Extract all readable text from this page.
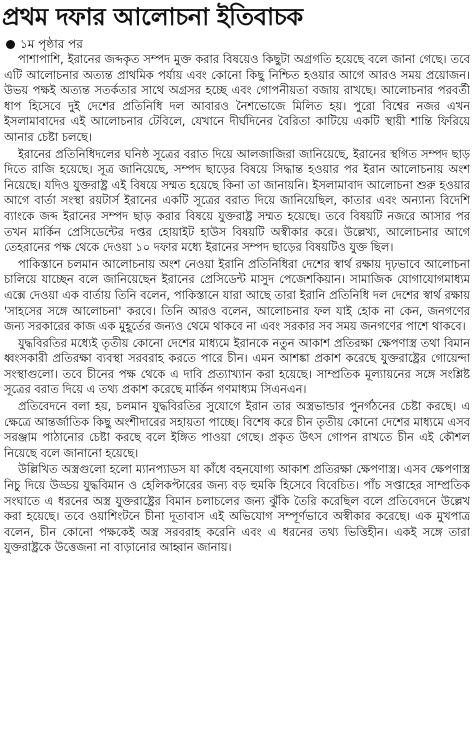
প্রথম দফার আলোচনা ইতিবাচক
১ম পৃষ্ঠার পর

পাশাপাশি, ইরানের জব্দকৃত সম্পদ মুক্ত করার বিষয়েও কিছুটা অগ্রগতি হয়েছে বলে জানা গেছে। তবে এটি আলোচনার অত্যন্ত প্রাথমিক পর্যায় এবং কোনো কিছু নিশ্চিত হওয়ার আগে আরও সময় প্রয়োজন। উভয় পক্ষই অত্যন্ত সতর্কতার সাথে অগ্রসর হচ্ছে এবং গোপনীয়তা বজায় রাখছে। আলোচনার পরবর্তী ধাপ হিসেবে দুই দেশের প্রতিনিধি দল আবারও নৈশভোজে মিলিত হয়। পুরো বিশ্বের নজর এখন ইসলামাবাদের এই আলোচনার টেবিলে, যেখানে দীর্ঘদিনের বৈরিতা কাটিয়ে একটি স্থায়ী শান্তি ফিরিয়ে আনার চেষ্টা চলছে।

ইরানের প্রতিনিধিদলের ঘনিষ্ঠ সূত্রের বরাত দিয়ে আলজাজিরা জানিয়েছে, ইরানের স্থগিত সম্পদ ছাড় দিতে রাজি হয়েছে। সূত্র জানিয়েছে, সম্পদ ছাড়ের বিষয়ে সিদ্ধান্ত হওয়ার পর ইরান আলোচনায় অংশ নিয়েছে। যদিও যুক্তরাষ্ট্র এই বিষয়ে সম্মত হয়েছে কিনা তা জানায়নি। ইসলামাবাদ আলোচনা শুরু হওয়ার আগে বার্তা সংস্থা রয়টার্স ইরানের একটি সূত্রের বরাত দিয়ে জানিয়েছিল, কাতার এবং অন্যান্য বিদেশি ব্যাংকে জব্দ ইরানের সম্পদ ছাড় করার বিষয়ে যুক্তরাষ্ট্র সম্মত হয়েছে। তবে বিষয়টি নজরে আসার পর তখন মার্কিন প্রেসিডেন্টের দপ্তর হোয়াইট হাউস বিষয়টি অস্বীকার করে। উল্লেখ্য, আলোচনার আগে তেহরানের পক্ষ থেকে দেওয়া ১০ দফার মধ্যে ইরানের সম্পদ ছাড়ের বিষয়টিও যুক্ত ছিল।

পাকিস্তানে চলমান আলোচনায় অংশ নেওয়া ইরানি প্রতিনিধিরা দেশের স্বার্থ রক্ষায় দৃঢ়ভাবে আলোচনা চালিয়ে যাচ্ছেন বলে জানিয়েছেন ইরানের প্রেসিডেন্ট মাসুদ পেজেশকিয়ান। সামাজিক যোগাযোগমাধ্যম এক্সে দেওয়া এক বার্তায় তিনি বলেন, পাকিস্তানে যারা আছে তারা ইরানি প্রতিনিধি দল দেশের স্বার্থ রক্ষায় 'সাহসের সঙ্গে আলোচনা' করবে। তিনি আরও বলেন, আলোচনার ফল যাই হোক না কেন, জনগণের জন্য সরকারের কাজ এক মুহূর্তের জন্যও থেমে থাকবে না এবং সরকার সব সময় জনগণের পাশে থাকবে।

যুদ্ধবিরতির মধ্যেই তৃতীয় কোনো দেশের মাধ্যমে ইরানকে নতুন আকাশ প্রতিরক্ষা ক্ষেপণাস্ত্র তথা বিমান ধ্বংসকারী প্রতিরক্ষা ব্যবস্থা সরবরাহ করতে পারে চীন। এমন আশঙ্কা প্রকাশ করেছে যুক্তরাষ্ট্রের গোয়েন্দা সংস্থাগুলো। তবে চীনের পক্ষ থেকে এ দাবি প্রত্যাখ্যান করা হয়েছে। সাম্প্রতিক মূল্যায়নের সঙ্গে সংশ্লিষ্ট সূত্রের বরাত দিয়ে এ তথ্য প্রকাশ করেছে মার্কিন গণমাধ্যম সিএনএন।

প্রতিবেদনে বলা হয়, চলমান যুদ্ধবিরতির সুযোগে ইরান তার অস্ত্রভান্ডার পুনর্গঠনের চেষ্টা করছে। এ ক্ষেত্রে আন্তর্জাতিক কিছু অংশীদারের সহায়তা পাচ্ছে। বিশেষ করে চীন তৃতীয় কোনো দেশের মাধ্যমে এসব সরঞ্জাম পাঠানোর চেষ্টা করছে বলে ইঙ্গিত পাওয়া গেছে। প্রকৃত উৎস গোপন রাখতে চীন এই কৌশল নিয়েছে বলে জানানো হয়েছে।

উল্লিখিত অস্ত্রগুলো হলো ম্যানপ্যাডস যা কাঁধে বহনযোগ্য আকাশ প্রতিরক্ষা ক্ষেপণাস্ত্র। এসব ক্ষেপণাস্ত্র নিচু দিয়ে উড্ডয় যুদ্ধবিমান ও হেলিকপ্টারের জন্য বড় হুমকি হিসেবে বিবেচিত। পাঁচ সপ্তাহের সাম্প্রতিক সংঘাতে এ ধরনের অস্ত্র যুক্তরাষ্ট্রের বিমান চলাচলের জন্য ঝুঁকি তৈরি করেছিল বলে প্রতিবেদনে উল্লেখ করা হয়েছে। তবে ওয়াশিংটনে চীনা দূতাবাস এই অভিযোগ সম্পূর্ণভাবে অস্বীকার করেছে। এক মুখপাত্র বলেন, চীন কোনো পক্ষকেই অস্ত্র সরবরাহ করেনি এবং এ ধরনের তথ্য ভিত্তিহীন। একই সঙ্গে তারা যুক্তরাষ্ট্রকে উত্তেজনা না বাড়ানোর আহ্বান জানায়।
